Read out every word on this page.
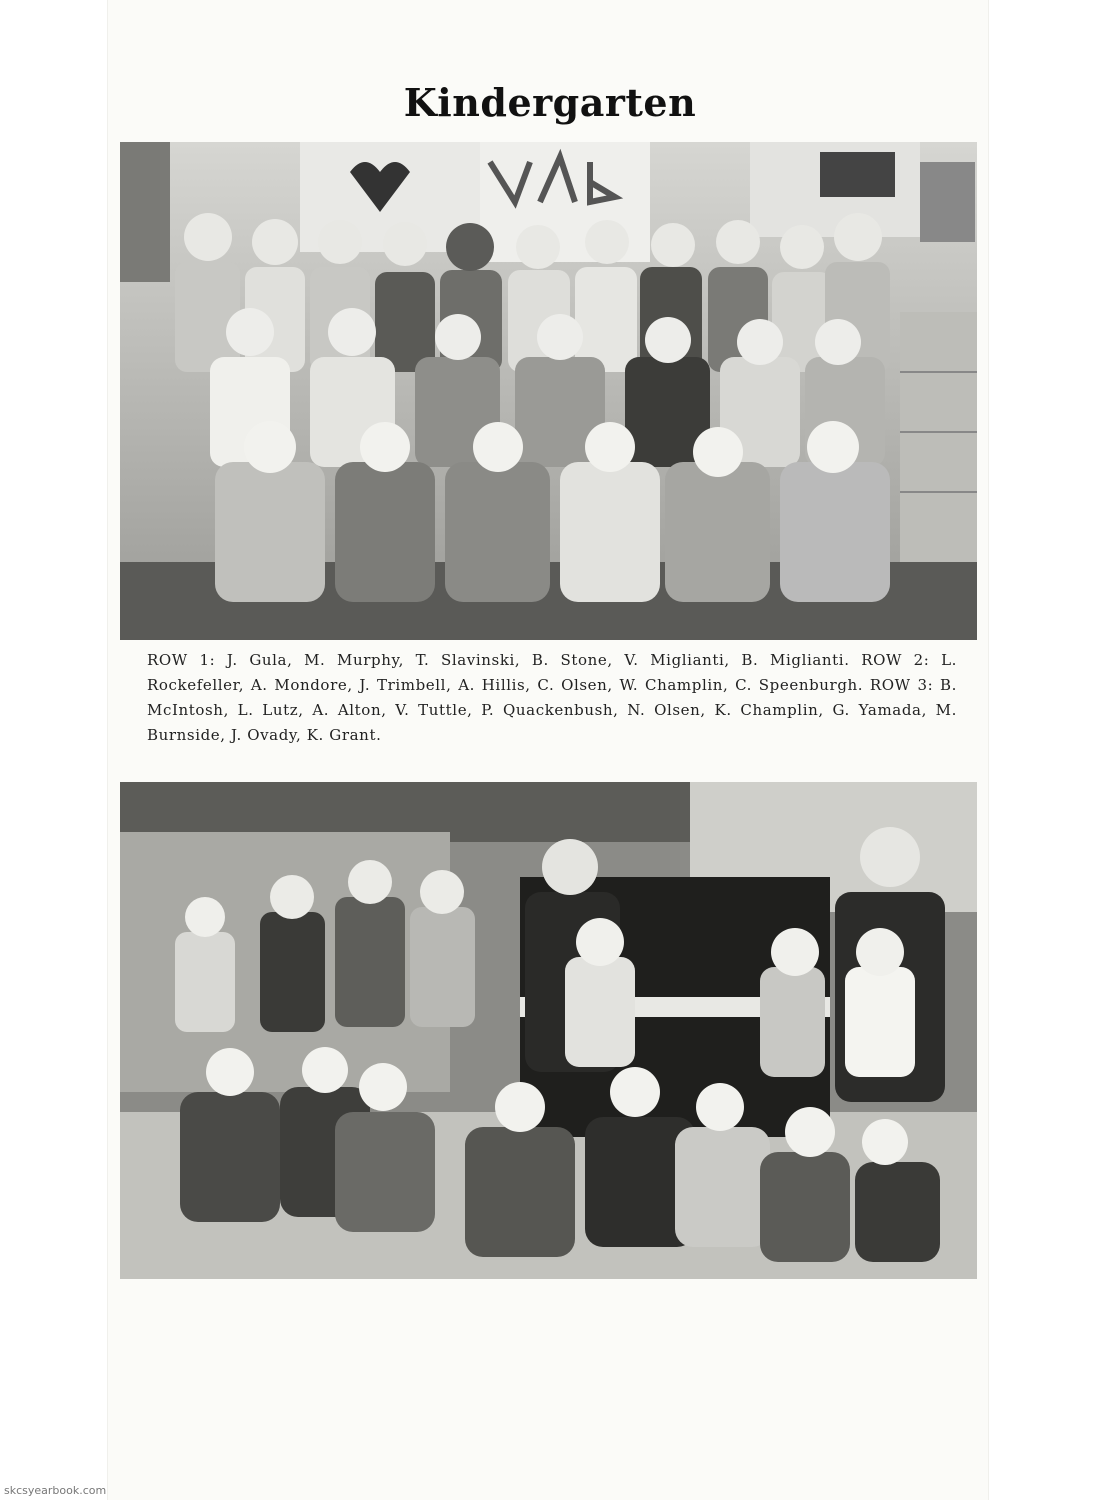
Kindergarten
ROW 1: J. Gula, M. Murphy, T. Slavinski, B. Stone, V. Miglianti, B. Miglianti. ROW 2: L. Rockefeller, A. Mondore, J. Trimbell, A. Hillis, C. Olsen, W. Champlin, C. Speenburgh. ROW 3: B. McIntosh, L. Lutz, A. Alton, V. Tuttle, P. Quackenbush, N. Olsen, K. Champlin, G. Yamada, M. Burnside, J. Ovady, K. Grant.
skcsyearbook.com
